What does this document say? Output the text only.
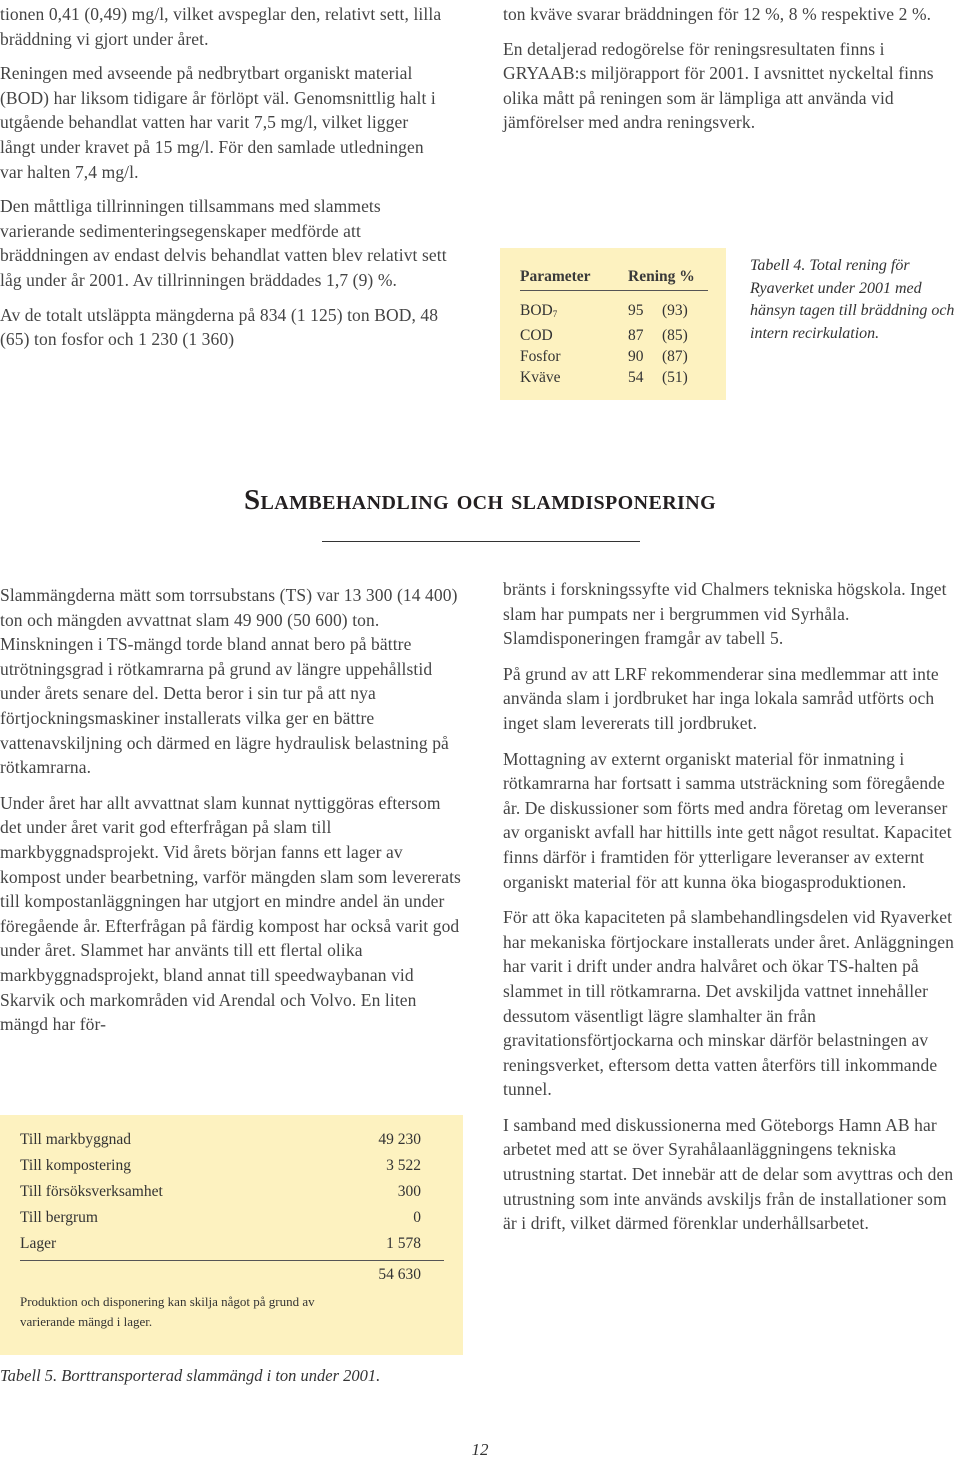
tionen 0,41 (0,49) mg/l, vilket avspeglar den, relativt sett, lilla bräddning vi gjort under året.

Reningen med avseende på nedbrytbart organiskt material (BOD) har liksom tidigare år förlöpt väl. Genomsnittlig halt i utgående behandlat vatten har varit 7,5 mg/l, vilket ligger långt under kravet på 15 mg/l. För den samlade utledningen var halten 7,4 mg/l.

Den måttliga tillrinningen tillsammans med slammets varierande sedimenteringsegenskaper medförde att bräddningen av endast delvis behandlat vatten blev relativt sett låg under år 2001. Av tillrinningen bräddades 1,7 (9) %.

Av de totalt utsläppta mängderna på 834 (1 125) ton BOD, 48 (65) ton fosfor och 1 230 (1 360)

ton kväve svarar bräddningen för 12 %, 8 % respektive 2 %.

En detaljerad redogörelse för reningsresultaten finns i GRYAAB:s miljörapport för 2001. I avsnittet nyckeltal finns olika mått på reningen som är lämpliga att använda vid jämförelser med andra reningsverk.

Parameter	Rening %
$BOD_7$	95	(93)
COD	87	(85)
Fosfor	90	(87)
Kväve	54	(51)
Tabell 4. Total rening för Ryaverket under 2001 med hänsyn tagen till bräddning och intern recirkulation.
Slambehandling och slamdisponering

Slammängderna mätt som torrsubstans (TS) var 13 300 (14 400) ton och mängden avvattnat slam 49 900 (50 600) ton. Minskningen i TS-mängd torde bland annat bero på bättre utrötningsgrad i rötkamrarna på grund av längre uppehållstid under årets senare del. Detta beror i sin tur på att nya förtjockningsmaskiner installerats vilka ger en bättre vattenavskiljning och därmed en lägre hydraulisk belastning på rötkamrarna.

Under året har allt avvattnat slam kunnat nyttiggöras eftersom det under året varit god efterfrågan på slam till markbyggnadsprojekt. Vid årets början fanns ett lager av kompost under bearbetning, varför mängden slam som levererats till kompostanläggningen har utgjort en mindre andel än under föregående år. Efterfrågan på färdig kompost har också varit god under året. Slammet har använts till ett flertal olika markbyggnadsprojekt, bland annat till speedwaybanan vid Skarvik och markområden vid Arendal och Volvo. En liten mängd har för-

Till markbyggnad	49 230
Till kompostering	3 522
Till försöksverksamhet	300
Till bergrum	0
Lager	1 578
54 630
Produktion och disponering kan skilja något på grund av varierande mängd i lager.
Tabell 5. Borttransporterad slammängd i ton under 2001.

bränts i forskningssyfte vid Chalmers tekniska högskola. Inget slam har pumpats ner i bergrummen vid Syrhåla. Slamdisponeringen framgår av tabell 5.

På grund av att LRF rekommenderar sina medlemmar att inte använda slam i jordbruket har inga lokala samråd utförts och inget slam levererats till jordbruket.

Mottagning av externt organiskt material för inmatning i rötkamrarna har fortsatt i samma utsträckning som föregående år. De diskussioner som förts med andra företag om leveranser av organiskt avfall har hittills inte gett något resultat. Kapacitet finns därför i framtiden för ytterligare leveranser av externt organiskt material för att kunna öka biogasproduktionen.

För att öka kapaciteten på slambehandlingsdelen vid Ryaverket har mekaniska förtjockare installerats under året. Anläggningen har varit i drift under andra halvåret och ökar TS-halten på slammet in till rötkamrarna. Det avskiljda vattnet innehåller dessutom väsentligt lägre slamhalter än från gravitationsförtjockarna och minskar därför belastningen av reningsverket, eftersom detta vatten återförs till inkommande tunnel.

I samband med diskussionerna med Göteborgs Hamn AB har arbetet med att se över Syrahålaanläggningens tekniska utrustning startat. Det innebär att de delar som avyttras och den utrustning som inte används avskiljs från de installationer som är i drift, vilket därmed förenklar underhållsarbetet.

12
